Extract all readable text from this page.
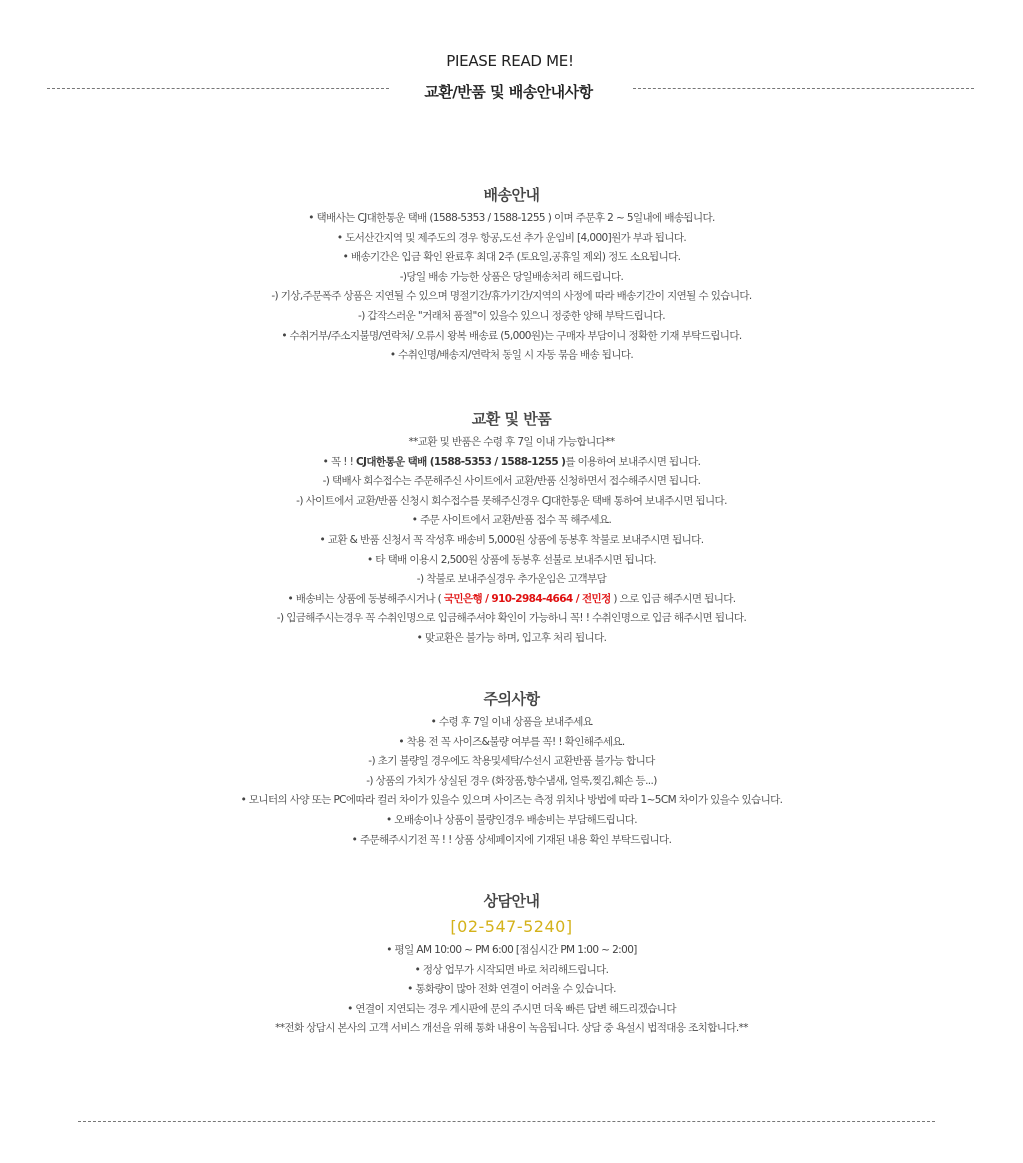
PIEASE READ ME!
교환/반품 및 배송안내사항
배송안내
• 택배사는 CJ대한통운 택배 (1588-5353 / 1588-1255 ) 이며 주문후 2 ~ 5일내에 배송됩니다.
• 도서산간지역 및 제주도의 경우 항공,도선 추가 운임비 [4,000]원가 부과 됩니다.
• 배송기간은 입금 확인 완료후 최대 2주 (토요일,공휴일 제외) 정도 소요됩니다.
-)당일 배송 가능한 상품은 당일배송처리 해드립니다.
-) 기상,주문폭주 상품은 지연될 수 있으며 명절기간/휴가기간/지역의 사정에 따라 배송기간이 지연될 수 있습니다.
-) 갑작스러운 "거래처 품절"이 있을수 있으니 정중한 양해 부탁드립니다.
• 수취거부/주소지불명/연락처/ 오류시 왕복 배송료 (5,000원)는 구매자 부담이니 정확한 기재 부탁드립니다.
• 수취인명/배송지/연락처 동일 시 자동 묶음 배송 됩니다.
교환 및 반품
**교환 및 반품은 수령 후 7일 이내 가능합니다**
• 꼭 ! ! CJ대한통운 택배 (1588-5353 / 1588-1255 )를 이용하여 보내주시면 됩니다.
-) 택배사 회수접수는 주문해주신 사이트에서 교환/반품 신청하면서 접수해주시면 됩니다.
-) 사이트에서 교환/반품 신청시 회수접수를 못해주신경우 CJ대한통운 택배 통하여 보내주시면 됩니다.
• 주문 사이트에서 교환/반품 접수 꼭 해주세요.
• 교환 & 반품 신청서 꼭 작성후 배송비 5,000원 상품에 동봉후 착불로 보내주시면 됩니다.
• 타 택배 이용시 2,500원 상품에 동봉후 선불로 보내주시면 됩니다.
-) 착불로 보내주실경우 추가운임은 고객부담
• 배송비는 상품에 동봉해주시거나 ( 국민은행 / 910-2984-4664 / 전민정 ) 으로 입금 해주시면 됩니다.
-) 입금해주시는경우 꼭 수취인명으로 입금해주셔야 확인이 가능하니 꼭! ! 수취인명으로 입금 해주시면 됩니다.
• 맞교환은 불가능 하며, 입고후 처리 됩니다.
주의사항
• 수령 후 7일 이내 상품을 보내주세요
• 착용 전 꼭 사이즈&불량 여부를 꼭! ! 확인해주세요.
-) 초기 불량일 경우에도 착용및세탁/수선시 교환반품 불가능 합니다
-) 상품의 가치가 상실된 경우 (화장품,향수냄새, 얼룩,찢김,훼손 등...)
• 모니터의 사양 또는 PC에따라 컬러 차이가 있을수 있으며 사이즈는 측정 위치나 방법에 따라 1~5CM 차이가 있을수 있습니다.
• 오배송이나 상품이 불량인경우 배송비는 부담해드립니다.
• 주문해주시기전 꼭 ! ! 상품 상세페이지에 기재된 내용 확인 부탁드립니다.
상담안내
[02-547-5240]
• 평일 AM 10:00 ~ PM 6:00 [점심시간 PM 1:00 ~ 2:00]
• 정상 업무가 시작되면 바로 처리해드립니다.
• 통화량이 많아 전화 연결이 어려울 수 있습니다.
• 연결이 지연되는 경우 게시판에 문의 주시면 더욱 빠른 답변 해드리겠습니다
**전화 상담시 본사의 고객 서비스 개선을 위해 통화 내용이 녹음됩니다. 상담 중 욕설시 법적대응 조치합니다.**
